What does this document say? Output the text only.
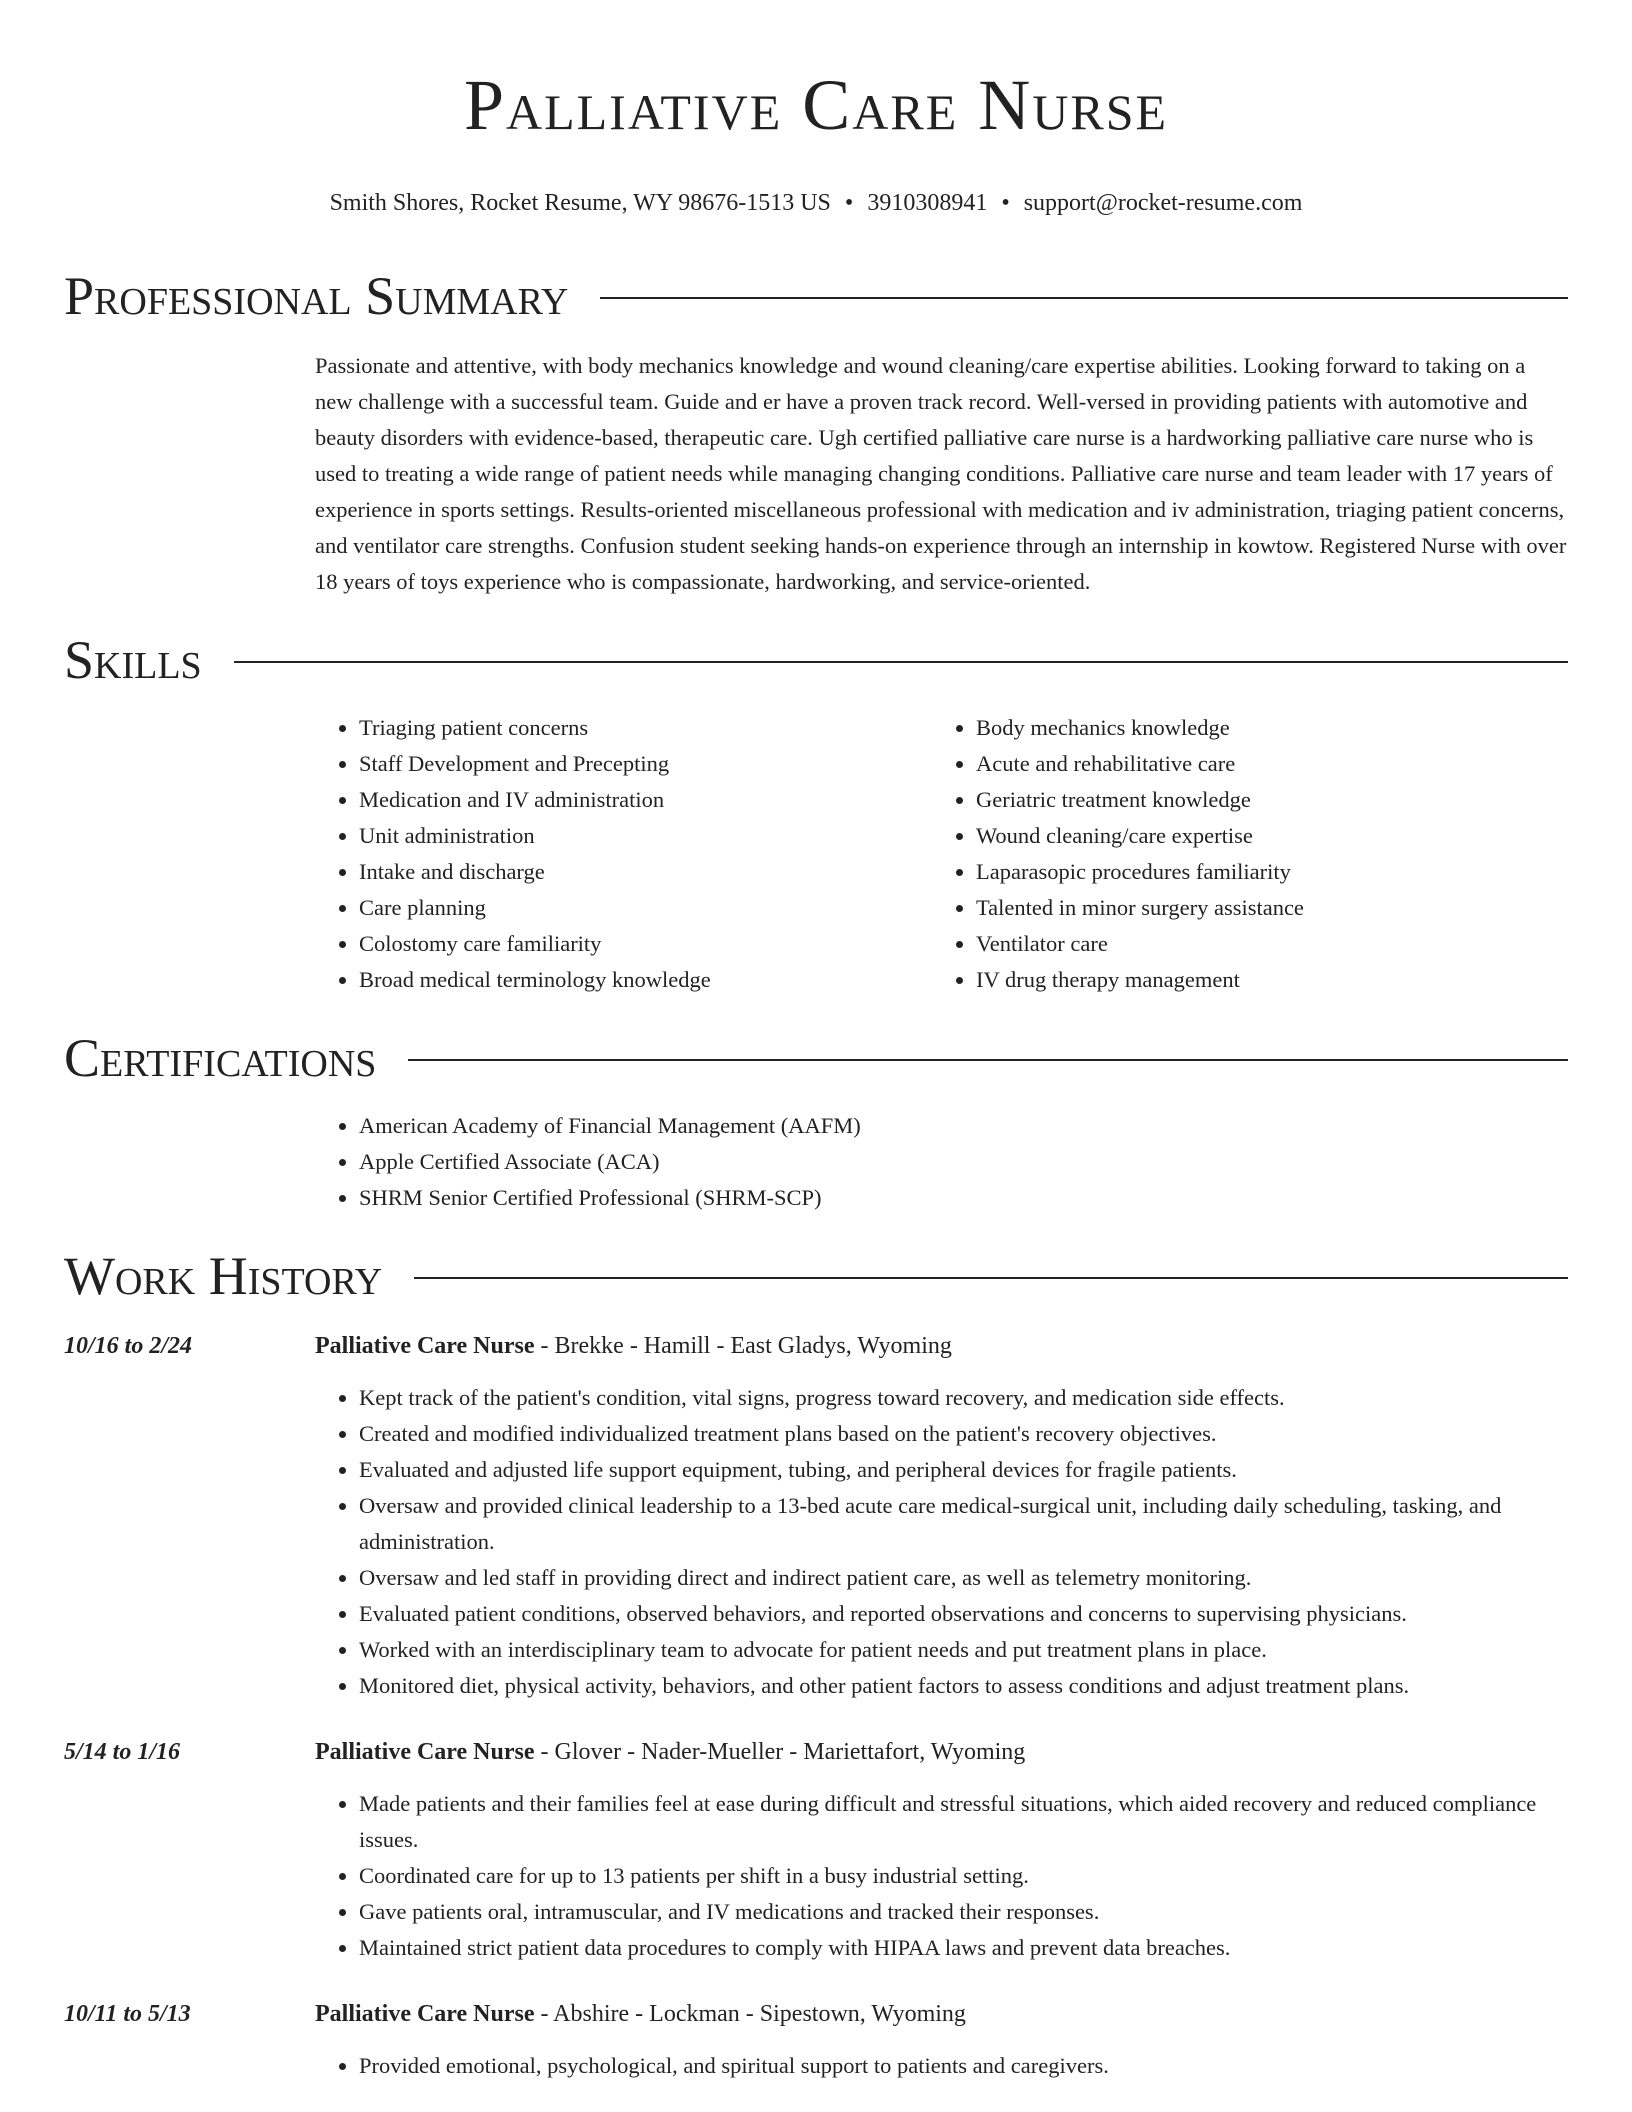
Palliative Care Nurse
Smith Shores, Rocket Resume, WY 98676-1513 US • 3910308941 • support@rocket-resume.com
Professional Summary
Passionate and attentive, with body mechanics knowledge and wound cleaning/care expertise abilities. Looking forward to taking on a new challenge with a successful team. Guide and er have a proven track record. Well-versed in providing patients with automotive and beauty disorders with evidence-based, therapeutic care. Ugh certified palliative care nurse is a hardworking palliative care nurse who is used to treating a wide range of patient needs while managing changing conditions. Palliative care nurse and team leader with 17 years of experience in sports settings. Results-oriented miscellaneous professional with medication and iv administration, triaging patient concerns, and ventilator care strengths. Confusion student seeking hands-on experience through an internship in kowtow. Registered Nurse with over 18 years of toys experience who is compassionate, hardworking, and service-oriented.
Skills
• Triaging patient concerns
• Staff Development and Precepting
• Medication and IV administration
• Unit administration
• Intake and discharge
• Care planning
• Colostomy care familiarity
• Broad medical terminology knowledge
• Body mechanics knowledge
• Acute and rehabilitative care
• Geriatric treatment knowledge
• Wound cleaning/care expertise
• Laparasopic procedures familiarity
• Talented in minor surgery assistance
• Ventilator care
• IV drug therapy management
Certifications
• American Academy of Financial Management (AAFM)
• Apple Certified Associate (ACA)
• SHRM Senior Certified Professional (SHRM-SCP)
Work History
10/16 to 2/24	Palliative Care Nurse - Brekke - Hamill - East Gladys, Wyoming
• Kept track of the patient's condition, vital signs, progress toward recovery, and medication side effects.
• Created and modified individualized treatment plans based on the patient's recovery objectives.
• Evaluated and adjusted life support equipment, tubing, and peripheral devices for fragile patients.
• Oversaw and provided clinical leadership to a 13-bed acute care medical-surgical unit, including daily scheduling, tasking, and administration.
• Oversaw and led staff in providing direct and indirect patient care, as well as telemetry monitoring.
• Evaluated patient conditions, observed behaviors, and reported observations and concerns to supervising physicians.
• Worked with an interdisciplinary team to advocate for patient needs and put treatment plans in place.
• Monitored diet, physical activity, behaviors, and other patient factors to assess conditions and adjust treatment plans.
5/14 to 1/16	Palliative Care Nurse - Glover - Nader-Mueller - Mariettafort, Wyoming
• Made patients and their families feel at ease during difficult and stressful situations, which aided recovery and reduced compliance issues.
• Coordinated care for up to 13 patients per shift in a busy industrial setting.
• Gave patients oral, intramuscular, and IV medications and tracked their responses.
• Maintained strict patient data procedures to comply with HIPAA laws and prevent data breaches.
10/11 to 5/13	Palliative Care Nurse - Abshire - Lockman - Sipestown, Wyoming
• Provided emotional, psychological, and spiritual support to patients and caregivers.
